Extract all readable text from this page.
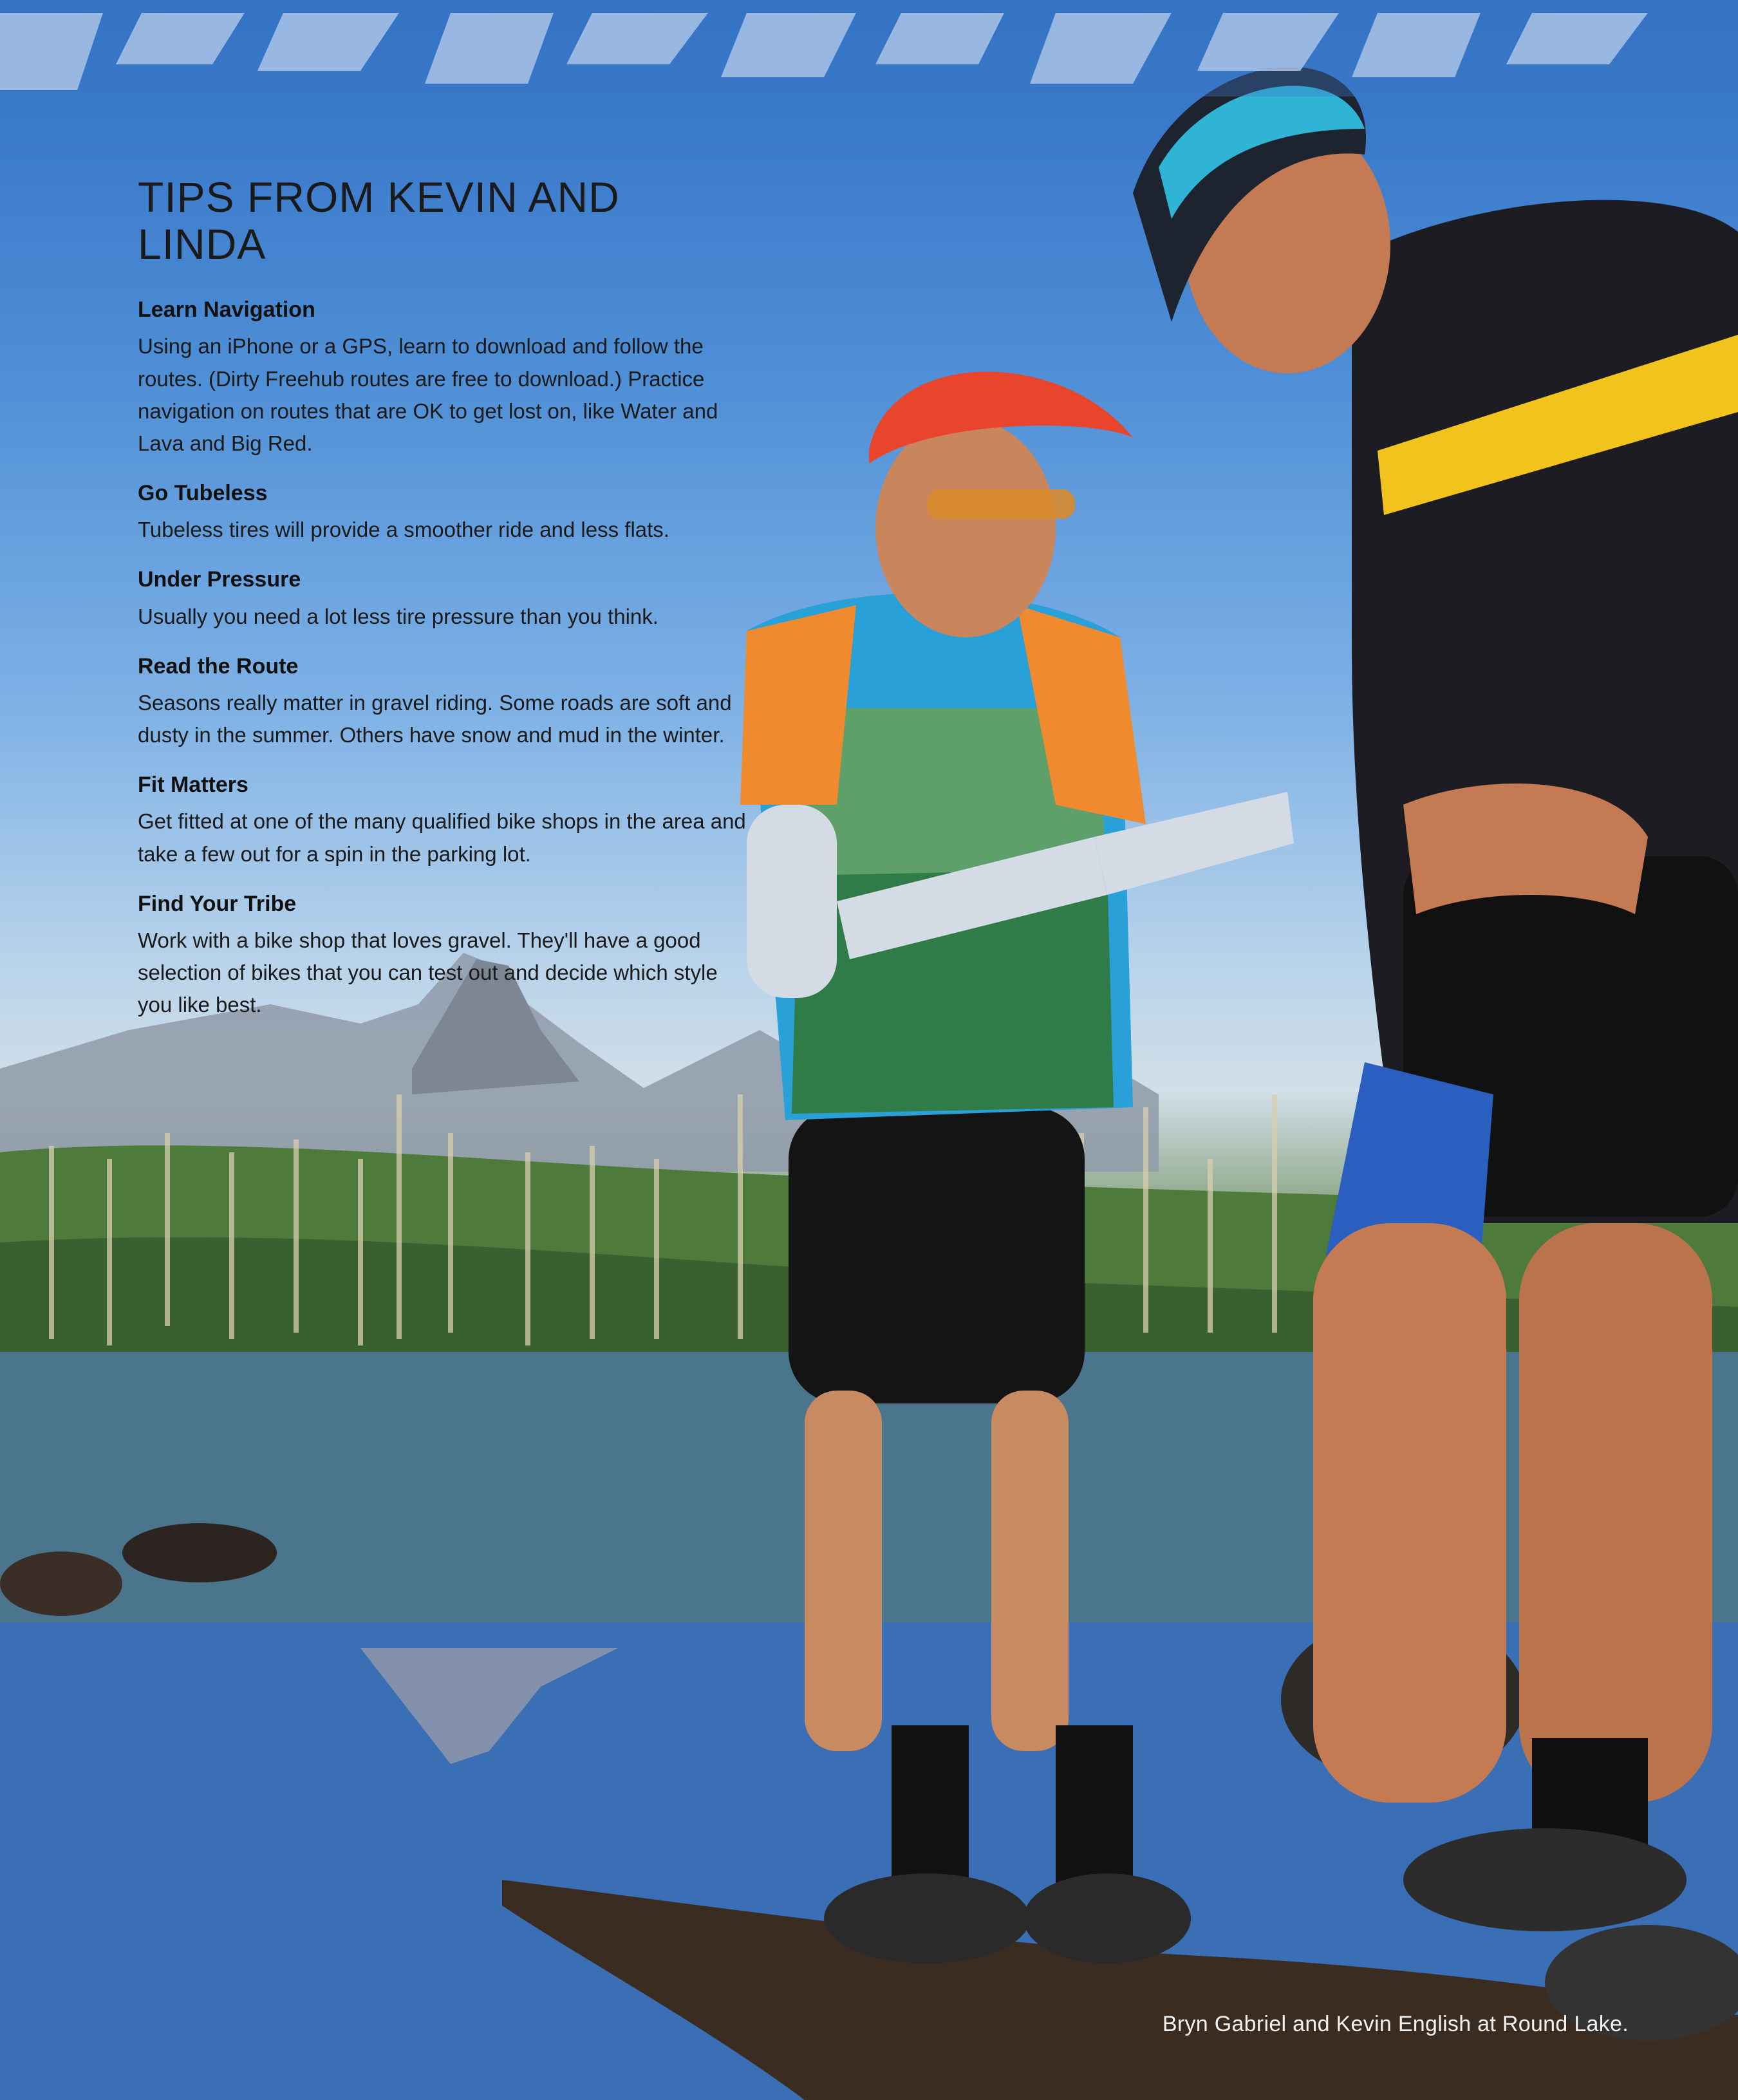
TIPS FROM KEVIN AND LINDA
Learn Navigation
Using an iPhone or a GPS, learn to download and follow the routes. (Dirty Freehub routes are free to download.) Practice navigation on routes that are OK to get lost on, like Water and Lava and Big Red.
Go Tubeless
Tubeless tires will provide a smoother ride and less flats.
Under Pressure
Usually you need a lot less tire pressure than you think.
Read the Route
Seasons really matter in gravel riding. Some roads are soft and dusty in the summer. Others have snow and mud in the winter.
Fit Matters
Get fitted at one of the many qualified bike shops in the area and take a few out for a spin in the parking lot.
Find Your Tribe
Work with a bike shop that loves gravel. They'll have a good selection of bikes that you can test out and decide which style you like best.
Bryn Gabriel and Kevin English at Round Lake.
